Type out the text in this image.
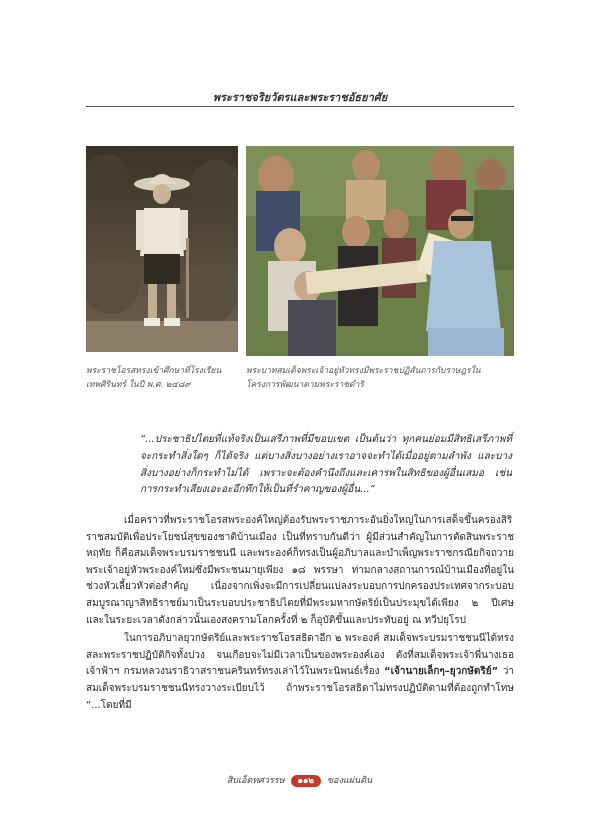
พระราชจริยวัตรและพระราชอัธยาศัย
พระราชโอรสทรงเข้าศึกษาที่โรงเรียนเทพศิรินทร์ ในปี พ.ศ. ๒๔๘๙
พระบาทสมเด็จพระเจ้าอยู่หัวทรงมีพระราชปฏิสันถารกับราษฎรในโครงการพัฒนาตามพระราชดำริ

“...ประชาธิปไตยที่แท้จริงเป็นเสรีภาพที่มีขอบเขต เป็นต้นว่า ทุกคนย่อมมีสิทธิเสรีภาพที่จะกระทำสิ่งใดๆ ก็ได้จริง แต่บางสิ่งบางอย่างเราอาจจะทำได้เมื่ออยู่ตามลำพัง และบางสิ่งบางอย่างก็กระทำไม่ได้ เพราะจะต้องคำนึงถึงและเคารพในสิทธิของผู้อื่นเสมอ เช่น การกระทำเสียงเอะอะอึกทึกให้เป็นที่รำคาญของผู้อื่น...”

เมื่อคราวที่พระราชโอรสพระองค์ใหญ่ต้องรับพระราชภาระอันยิ่งใหญ่ในการเสด็จขึ้นครองสิริราชสมบัติเพื่อประโยชน์สุขของชาติบ้านเมือง เป็นที่ทราบกันดีว่า ผู้มีส่วนสำคัญในการตัดสินพระราชหฤทัย ก็คือสมเด็จพระบรมราชชนนี และพระองค์ก็ทรงเป็นผู้อภิบาลและบำเพ็ญพระราชกรณียกิจถวายพระเจ้าอยู่หัวพระองค์ใหม่ซึ่งมีพระชนมายุเพียง ๑๘ พรรษา ท่ามกลางสถานการณ์บ้านเมืองที่อยู่ในช่วงหัวเลี้ยวหัวต่อสำคัญ เนื่องจากเพิ่งจะมีการเปลี่ยนแปลงระบอบการปกครองประเทศจากระบอบสมบูรณาญาสิทธิราชย์มาเป็นระบอบประชาธิปไตยที่มีพระมหากษัตริย์เป็นประมุขได้เพียง ๒ ปีเศษ และในระยะเวลาดังกล่าวนั้นเองสงครามโลกครั้งที่ ๒ ก็อุบัติขึ้นและประทับอยู่ ณ ทวีปยุโรป

ในการอภิบาลยุวกษัตริย์และพระราชโอรสธิดาอีก ๒ พระองค์ สมเด็จพระบรมราชชนนีได้ทรงสละพระราชปฏิบัติกิจทั้งปวง จนเกือบจะไม่มีเวลาเป็นของพระองค์เอง ดังที่สมเด็จพระเจ้าพี่นางเธอ เจ้าฟ้าฯ กรมหลวงนราธิวาสราชนครินทร์ทรงเล่าไว้ในพระนิพนธ์เรื่อง “เจ้านายเล็กๆ–ยุวกษัตริย์” ว่า สมเด็จพระบรมราชชนนีทรงวางระเบียบไว้ ถ้าพระราชโอรสธิดาไม่ทรงปฏิบัติตามที่ต้องถูกทำโทษ “...โดยที่มี

สิบเอ็ดทศวรรษ ๑๑๒ ของแผ่นดิน
